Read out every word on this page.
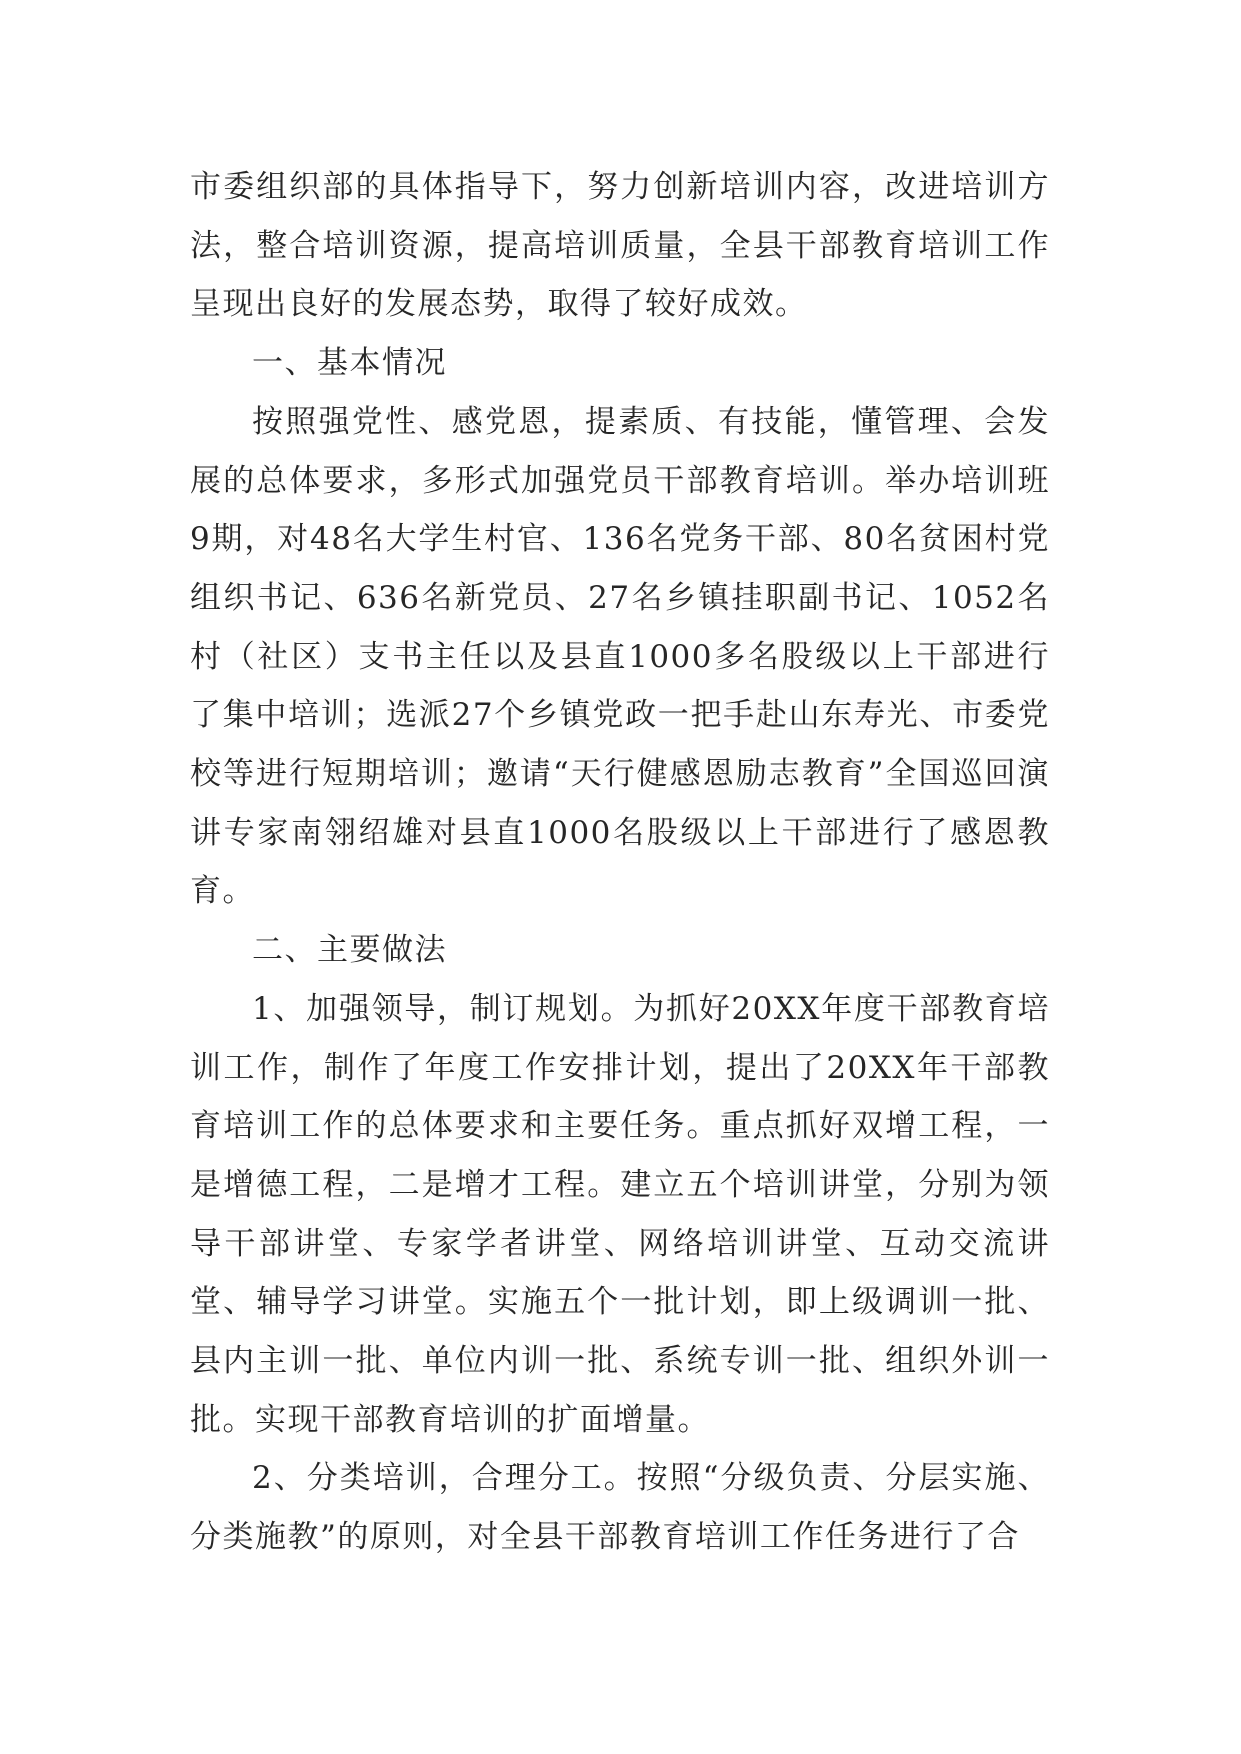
市委组织部的具体指导下，努力创新培训内容，改进培训方法，整合培训资源，提高培训质量，全县干部教育培训工作呈现出良好的发展态势，取得了较好成效。

一、基本情况

按照强党性、感党恩，提素质、有技能，懂管理、会发展的总体要求，多形式加强党员干部教育培训。举办培训班9期，对48名大学生村官、136名党务干部、80名贫困村党组织书记、636名新党员、27名乡镇挂职副书记、1052名村（社区）支书主任以及县直1000多名股级以上干部进行了集中培训；选派27个乡镇党政一把手赴山东寿光、市委党校等进行短期培训；邀请“天行健感恩励志教育”全国巡回演讲专家南翎绍雄对县直1000名股级以上干部进行了感恩教育。

二、主要做法

1、加强领导，制订规划。为抓好20XX年度干部教育培训工作，制作了年度工作安排计划，提出了20XX年干部教育培训工作的总体要求和主要任务。重点抓好双增工程，一是增德工程，二是增才工程。建立五个培训讲堂，分别为领导干部讲堂、专家学者讲堂、网络培训讲堂、互动交流讲堂、辅导学习讲堂。实施五个一批计划，即上级调训一批、县内主训一批、单位内训一批、系统专训一批、组织外训一批。实现干部教育培训的扩面增量。

2、分类培训，合理分工。按照“分级负责、分层实施、分类施教”的原则，对全县干部教育培训工作任务进行了合
